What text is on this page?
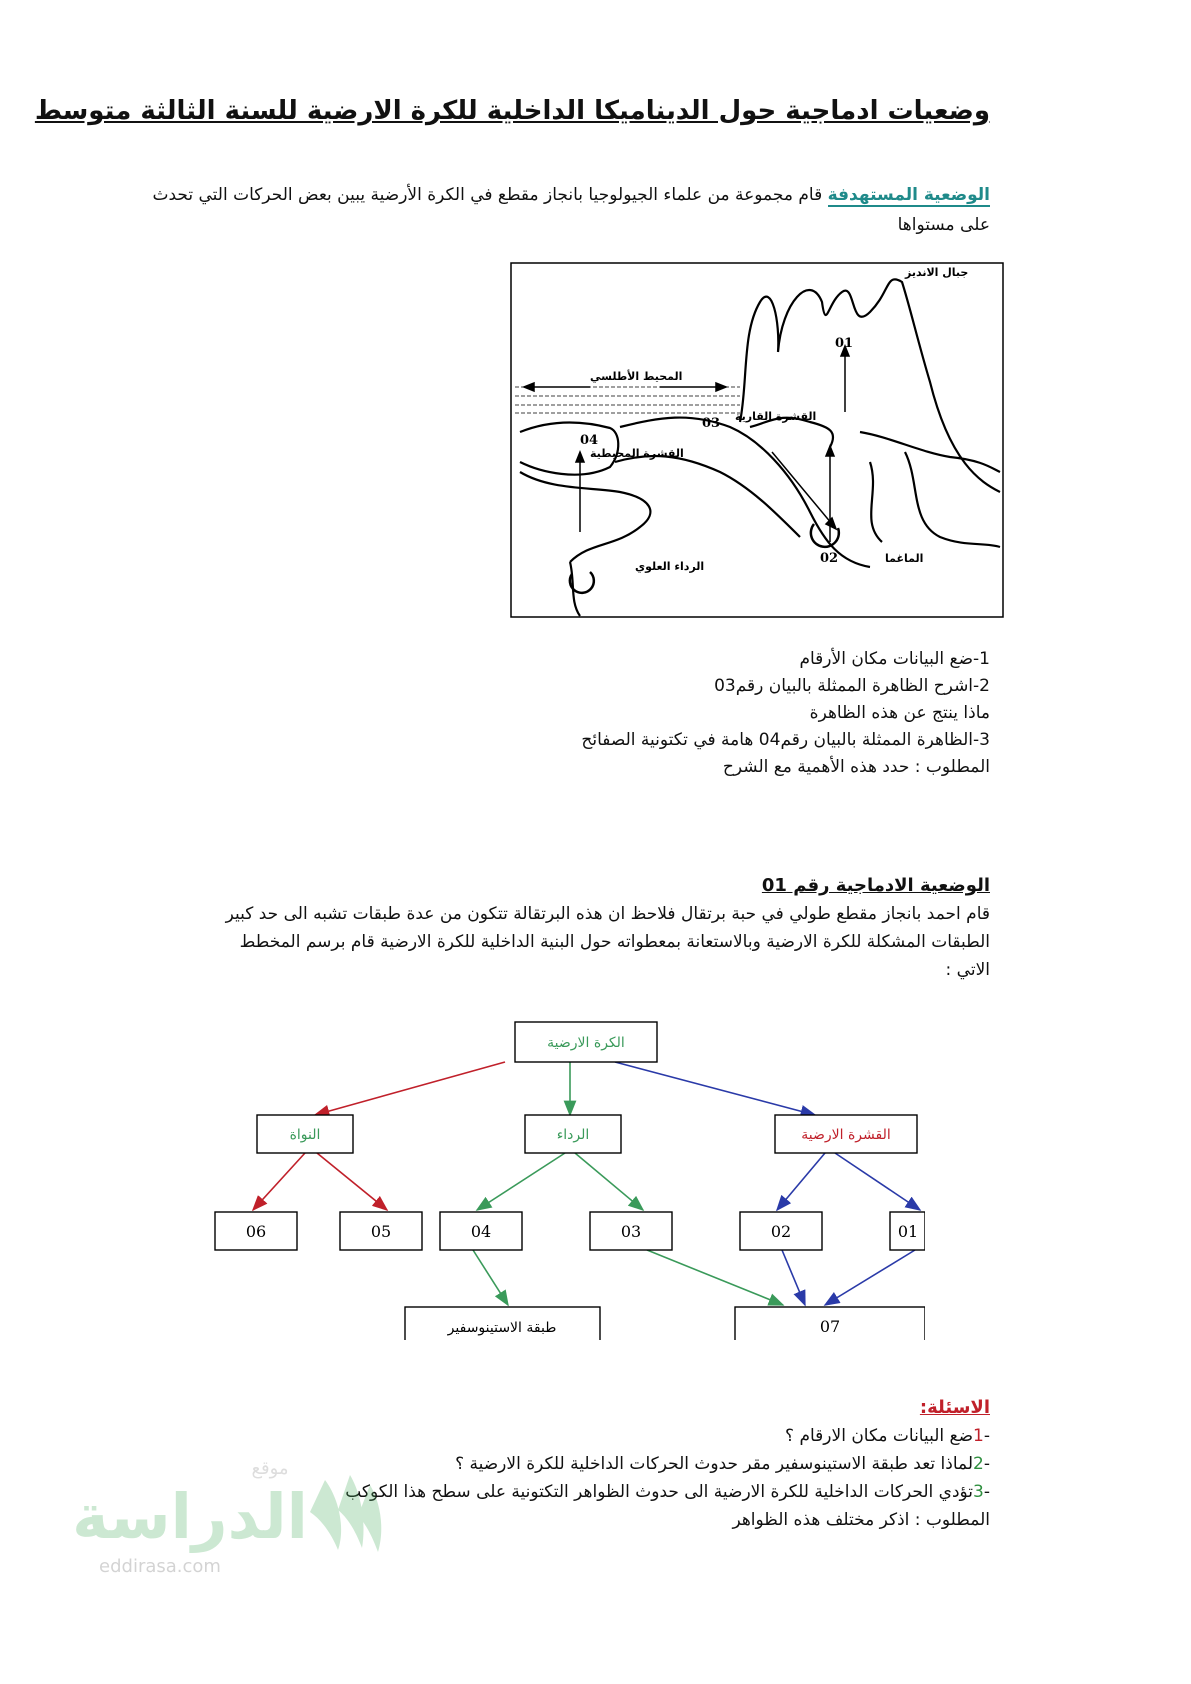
وضعيات ادماجية حول الديناميكا الداخلية للكرة الارضية للسنة الثالثة متوسط
الوضعية المستهدفة قام مجموعة من علماء الجيولوجيا بانجاز مقطع في الكرة الأرضية يبين بعض الحركات التي تحدث
على مستواها
جبال الانديز
المحيط الأطلسي
القشرة القارية
القشرة المحيطية
الرداء العلوي
الماغما
01
02
03
04
1-ضع البيانات مكان الأرقام
2-اشرح الظاهرة الممثلة بالبيان رقم03
ماذا ينتج عن هذه الظاهرة
3-الظاهرة الممثلة بالبيان رقم04 هامة في تكتونية الصفائح
المطلوب : حدد هذه الأهمية مع الشرح
الوضعية الادماجية رقم 01
قام احمد بانجاز مقطع طولي في حبة برتقال فلاحظ ان هذه البرتقالة تتكون من عدة طبقات تشبه الى حد كبير
الطبقات المشكلة للكرة الارضية وبالاستعانة بمعطواته حول البنية الداخلية للكرة الارضية قام برسم المخطط
الاتي :
الكرة الارضية
النواة	الرداء	القشرة الارضية
06	05	04	03	02	01
طبقة الاستينوسفير	07
الاسئلة:
-1ضع البيانات مكان الارقام ؟
-2لماذا تعد طبقة الاستينوسفير مقر حدوث الحركات الداخلية للكرة الارضية ؟
-3تؤدي الحركات الداخلية للكرة الارضية الى حدوث الظواهر التكتونية على سطح هذا الكوكب
المطلوب : اذكر مختلف هذه الظواهر
موقع
الدراسة
eddirasa.com
